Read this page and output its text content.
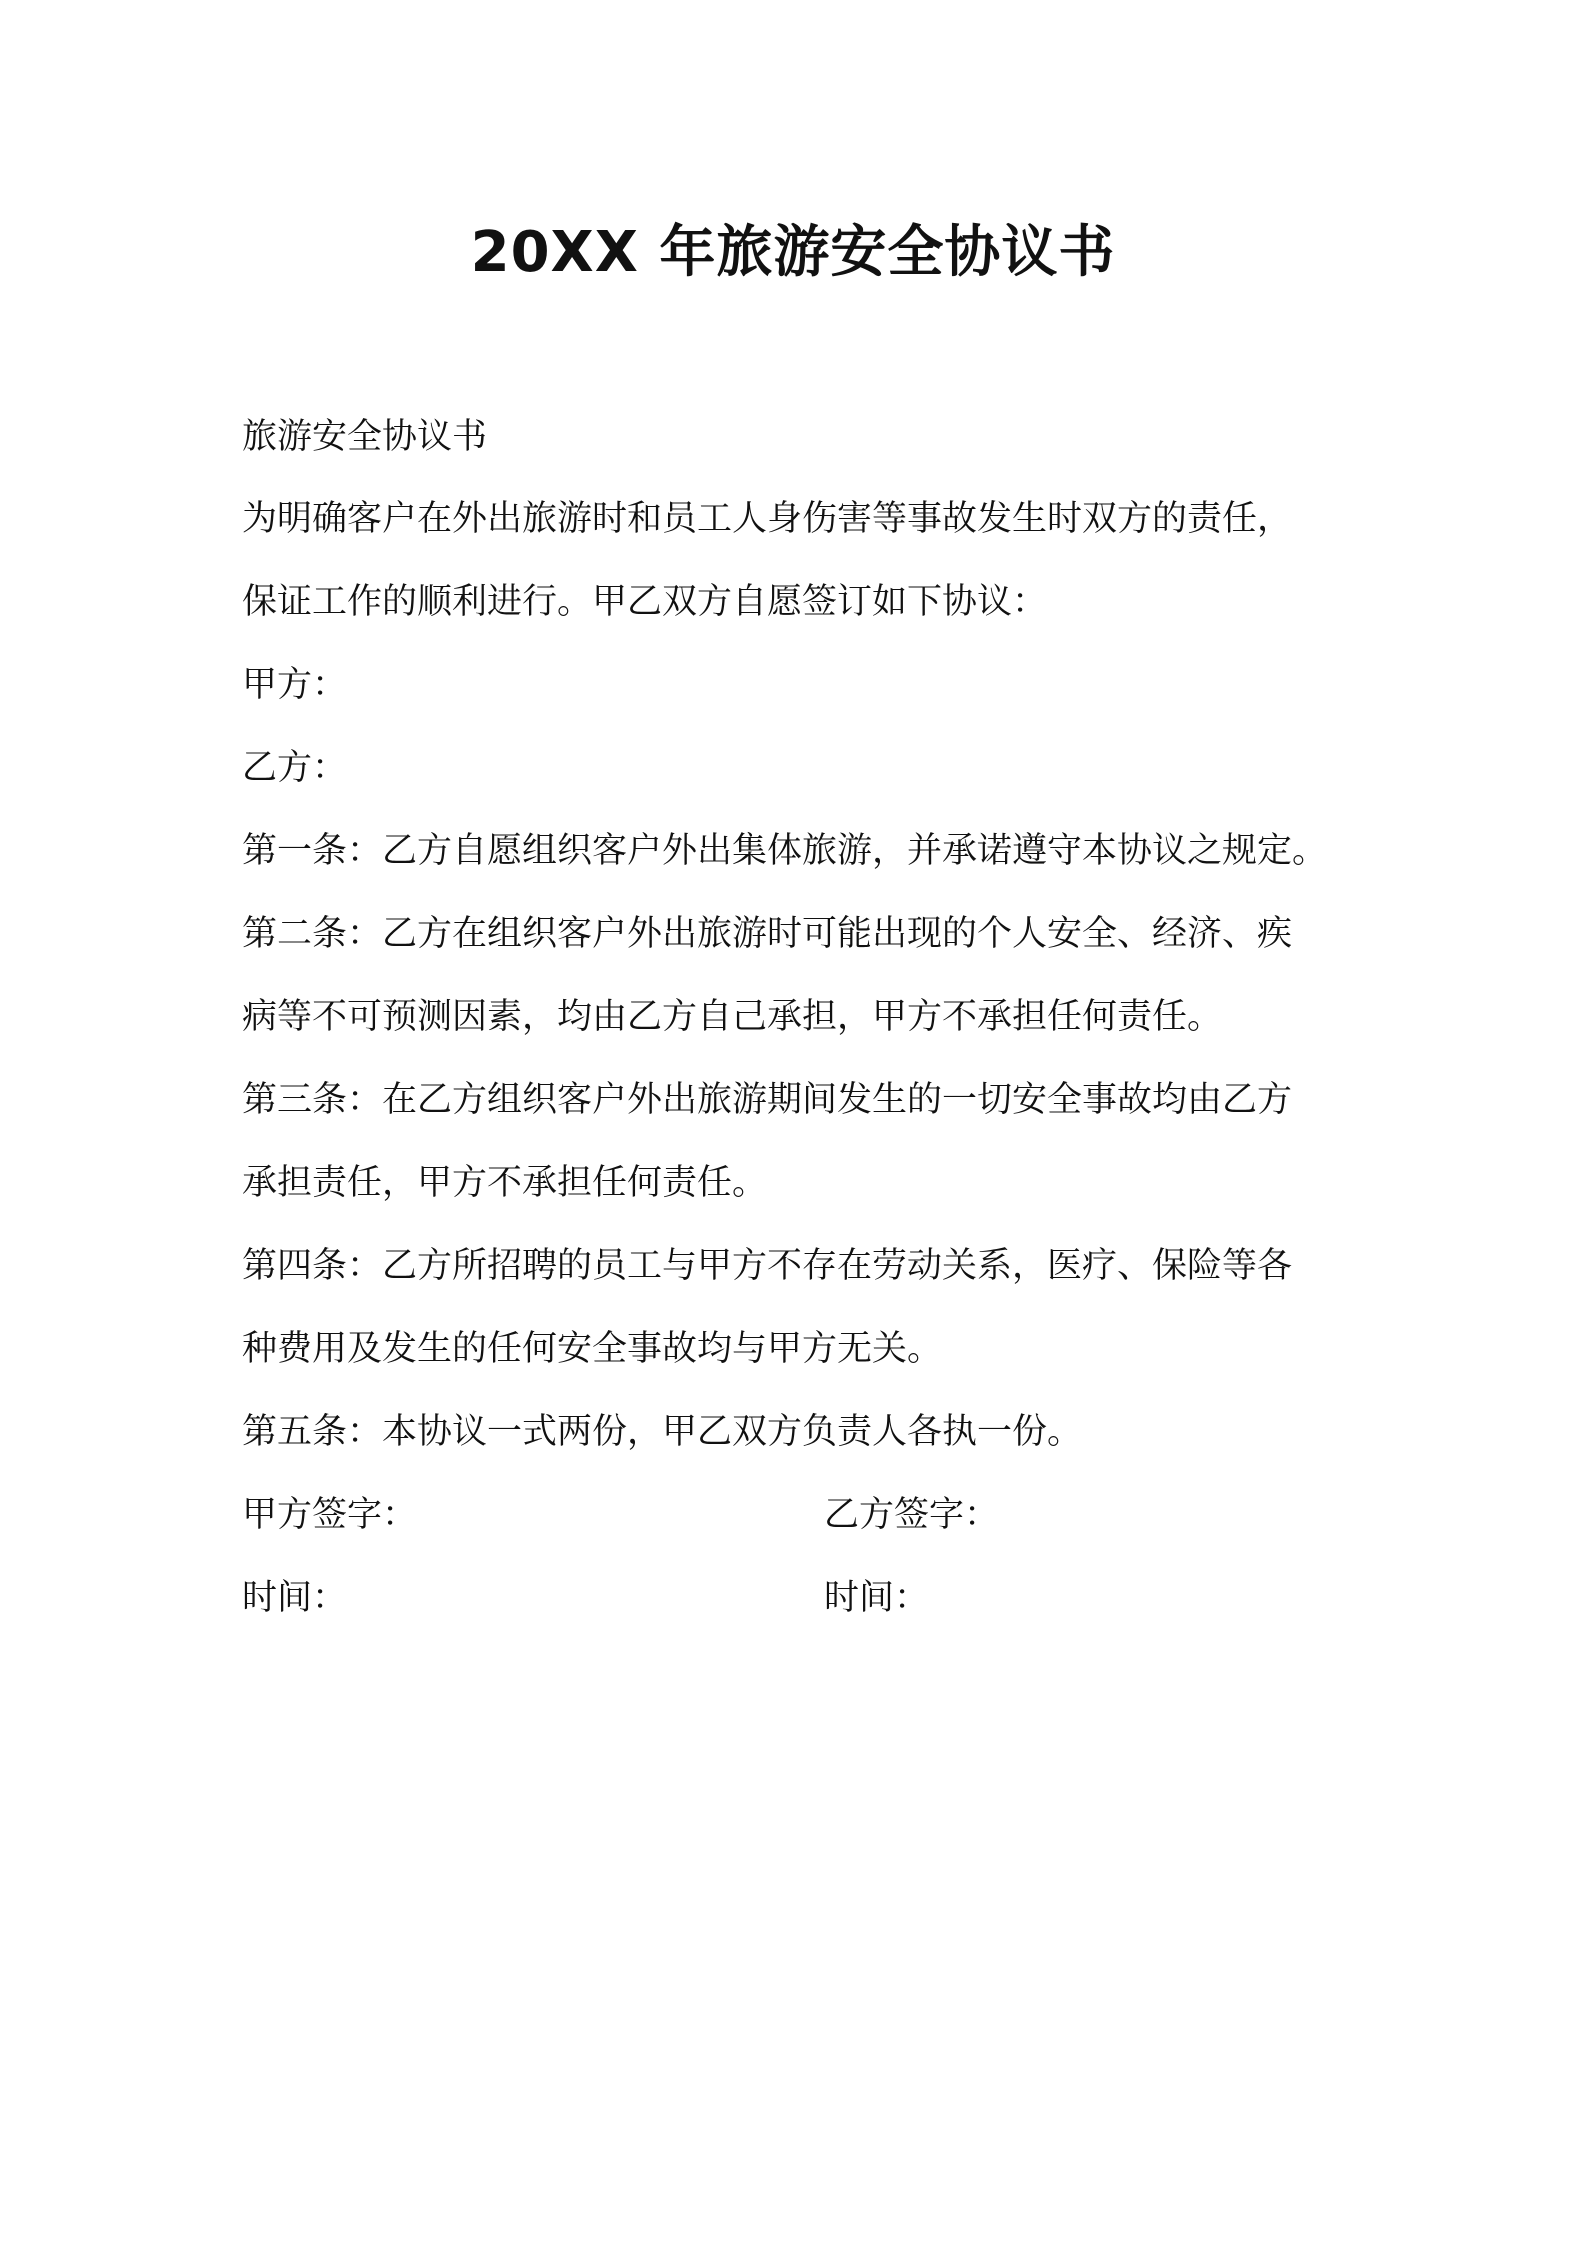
20XX 年旅游安全协议书
旅游安全协议书
为明确客户在外出旅游时和员工人身伤害等事故发生时双方的责任，
保证工作的顺利进行。甲乙双方自愿签订如下协议：
甲方：
乙方：
第一条：乙方自愿组织客户外出集体旅游，并承诺遵守本协议之规定。
第二条：乙方在组织客户外出旅游时可能出现的个人安全、经济、疾
病等不可预测因素，均由乙方自己承担，甲方不承担任何责任。
第三条：在乙方组织客户外出旅游期间发生的一切安全事故均由乙方
承担责任，甲方不承担任何责任。
第四条：乙方所招聘的员工与甲方不存在劳动关系，医疗、保险等各
种费用及发生的任何安全事故均与甲方无关。
第五条：本协议一式两份，甲乙双方负责人各执一份。
甲方签字：	乙方签字：
时间：	时间：
